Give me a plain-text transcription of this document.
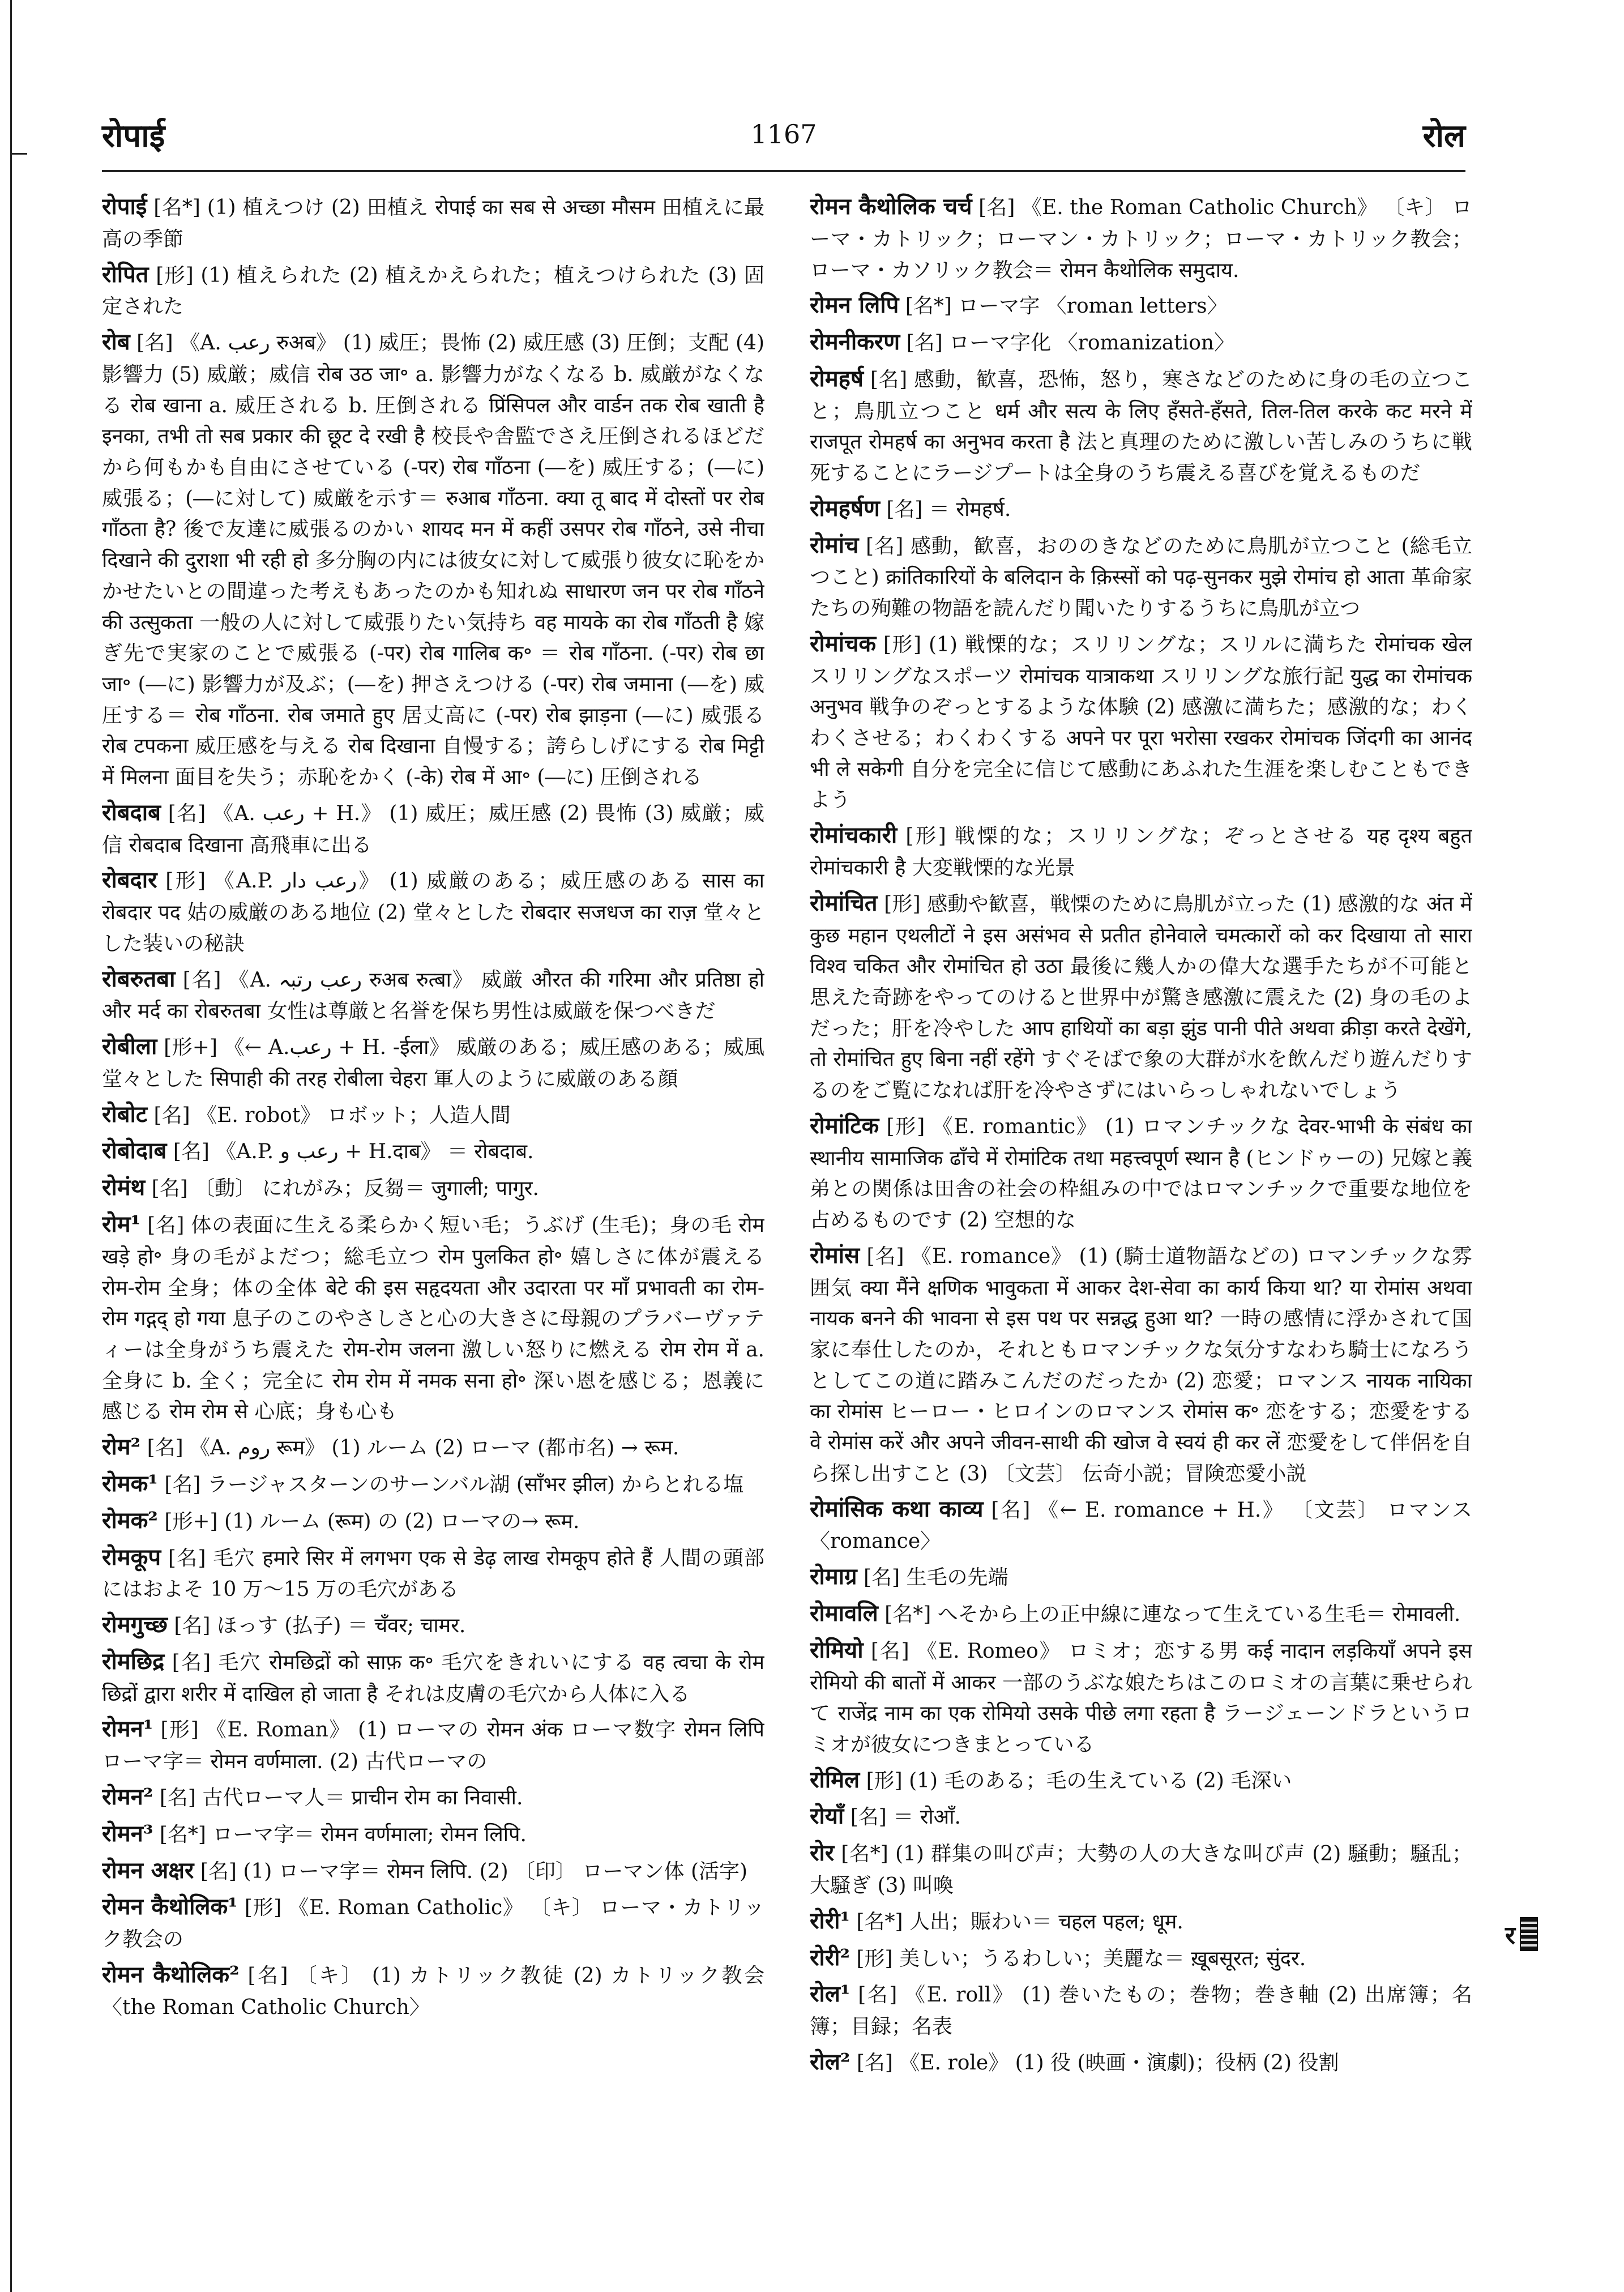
रोपाई	1167	रोल

रोपाई [名*] (1) 植えつけ (2) 田植え रोपाई का सब से अच्छा मौसम 田植えに最高の季節

रोपित [形] (1) 植えられた (2) 植えかえられた；植えつけられた (3) 固定された

रोब [名] 《A. رعب रुअब》 (1) 威圧；畏怖 (2) 威圧感 (3) 圧倒；支配 (4) 影響力 (5) 威厳；威信 रोब उठ जा॰ a. 影響力がなくなる b. 威厳がなくなる रोब खाना a. 威圧される b. 圧倒される प्रिंसिपल और वार्डन तक रोब खाती है इनका, तभी तो सब प्रकार की छूट दे रखी है 校長や舎監でさえ圧倒されるほどだから何もかも自由にさせている (-पर) रोब गाँठना (―を) 威圧する；(―に) 威張る；(―に対して) 威厳を示す＝ रुआब गाँठना. क्या तू बाद में दोस्तों पर रोब गाँठता है? 後で友達に威張るのかい शायद मन में कहीं उसपर रोब गाँठने, उसे नीचा दिखाने की दुराशा भी रही हो 多分胸の内には彼女に対して威張り彼女に恥をかかせたいとの間違った考えもあったのかも知れぬ साधारण जन पर रोब गाँठने की उत्सुकता 一般の人に対して威張りたい気持ち वह मायके का रोब गाँठती है 嫁ぎ先で実家のことで威張る (-पर) रोब गालिब क॰ ＝ रोब गाँठना. (-पर) रोब छा जा॰ (―に) 影響力が及ぶ；(―を) 押さえつける (-पर) रोब जमाना (―を) 威圧する＝ रोब गाँठना. रोब जमाते हुए 居丈高に (-पर) रोब झाड़ना (―に) 威張る रोब टपकना 威圧感を与える रोब दिखाना 自慢する；誇らしげにする रोब मिट्टी में मिलना 面目を失う；赤恥をかく (-के) रोब में आ॰ (―に) 圧倒される

रोबदाब [名] 《A. رعب + H.》 (1) 威圧；威圧感 (2) 畏怖 (3) 威厳；威信 रोबदाब दिखाना 高飛車に出る

रोबदार [形] 《A.P. رعب دار》 (1) 威厳のある；威圧感のある सास का रोबदार पद 姑の威厳のある地位 (2) 堂々とした रोबदार सजधज का राज़ 堂々とした装いの秘訣

रोबरुतबा [名] 《A. رعب رتبہ रुअब रुत्बा》 威厳 औरत की गरिमा और प्रतिष्ठा हो और मर्द का रोबरुतबा 女性は尊厳と名誉を保ち男性は威厳を保つべきだ

रोबीला [形+] 《← A.رعب + H. -ईला》 威厳のある；威圧感のある；威風堂々とした सिपाही की तरह रोबीला चेहरा 軍人のように威厳のある顔

रोबोट [名] 《E. robot》 ロボット；人造人間

रोबोदाब [名] 《A.P. رعب و + H.दाब》 ＝ रोबदाब.

रोमंथ [名] 〔動〕 にれがみ；反芻＝ जुगाली; पागुर.

रोम¹ [名] 体の表面に生える柔らかく短い毛；うぶげ (生毛)；身の毛 रोम खड़े हो॰ 身の毛がよだつ；総毛立つ रोम पुलकित हो॰ 嬉しさに体が震える रोम-रोम 全身；体の全体 बेटे की इस सहृदयता और उदारता पर माँ प्रभावती का रोम-रोम गद्गद् हो गया 息子のこのやさしさと心の大きさに母親のプラバーヴァティーは全身がうち震えた रोम-रोम जलना 激しい怒りに燃える रोम रोम में a. 全身に b. 全く；完全に रोम रोम में नमक सना हो॰ 深い恩を感じる；恩義に感じる रोम रोम से 心底；身も心も

रोम² [名] 《A. روم रूम》 (1) ルーム (2) ローマ (都市名) → रूम.

रोमक¹ [名] ラージャスターンのサーンバル湖 (साँभर झील) からとれる塩

रोमक² [形+] (1) ルーム (रूम) の (2) ローマの→ रूम.

रोमकूप [名] 毛穴 हमारे सिर में लगभग एक से डेढ़ लाख रोमकूप होते हैं 人間の頭部にはおよそ 10 万～15 万の毛穴がある

रोमगुच्छ [名] ほっす (払子) ＝ चँवर; चामर.

रोमछिद्र [名] 毛穴 रोमछिद्रों को साफ़ क॰ 毛穴をきれいにする वह त्वचा के रोम छिद्रों द्वारा शरीर में दाखिल हो जाता है それは皮膚の毛穴から人体に入る

रोमन¹ [形] 《E. Roman》 (1) ローマの रोमन अंक ローマ数字 रोमन लिपि ローマ字＝ रोमन वर्णमाला. (2) 古代ローマの

रोमन² [名] 古代ローマ人＝ प्राचीन रोम का निवासी.

रोमन³ [名*] ローマ字＝ रोमन वर्णमाला; रोमन लिपि.

रोमन अक्षर [名] (1) ローマ字＝ रोमन लिपि. (2) 〔印〕 ローマン体 (活字)

रोमन कैथोलिक¹ [形] 《E. Roman Catholic》 〔キ〕 ローマ・カトリック教会の

रोमन कैथोलिक² [名] 〔キ〕 (1) カトリック教徒 (2) カトリック教会 〈the Roman Catholic Church〉

रोमन कैथोलिक चर्च [名] 《E. the Roman Catholic Church》 〔キ〕 ローマ・カトリック；ローマン・カトリック；ローマ・カトリック教会；ローマ・カソリック教会＝ रोमन कैथोलिक समुदाय.

रोमन लिपि [名*] ローマ字 〈roman letters〉

रोमनीकरण [名] ローマ字化 〈romanization〉

रोमहर्ष [名] 感動，歓喜，恐怖，怒り，寒さなどのために身の毛の立つこと；鳥肌立つこと धर्म और सत्य के लिए हँसते-हँसते, तिल-तिल करके कट मरने में राजपूत रोमहर्ष का अनुभव करता है 法と真理のために激しい苦しみのうちに戦死することにラージプートは全身のうち震える喜びを覚えるものだ

रोमहर्षण [名] ＝ रोमहर्ष.

रोमांच [名] 感動，歓喜，おののきなどのために鳥肌が立つこと (総毛立つこと) क्रांतिकारियों के बलिदान के क़िस्सों को पढ़-सुनकर मुझे रोमांच हो आता 革命家たちの殉難の物語を読んだり聞いたりするうちに鳥肌が立つ

रोमांचक [形] (1) 戦慄的な；スリリングな；スリルに満ちた रोमांचक खेल スリリングなスポーツ रोमांचक यात्राकथा スリリングな旅行記 युद्ध का रोमांचक अनुभव 戦争のぞっとするような体験 (2) 感激に満ちた；感激的な；わくわくさせる；わくわくする अपने पर पूरा भरोसा रखकर रोमांचक जिंदगी का आनंद भी ले सकेगी 自分を完全に信じて感動にあふれた生涯を楽しむこともできよう

रोमांचकारी [形] 戦慄的な；スリリングな；ぞっとさせる यह दृश्य बहुत रोमांचकारी है 大変戦慄的な光景

रोमांचित [形] 感動や歓喜，戦慄のために鳥肌が立った (1) 感激的な अंत में कुछ महान एथलीटों ने इस असंभव से प्रतीत होनेवाले चमत्कारों को कर दिखाया तो सारा विश्व चकित और रोमांचित हो उठा 最後に幾人かの偉大な選手たちが不可能と思えた奇跡をやってのけると世界中が驚き感激に震えた (2) 身の毛のよだった；肝を冷やした आप हाथियों का बड़ा झुंड पानी पीते अथवा क्रीड़ा करते देखेंगे, तो रोमांचित हुए बिना नहीं रहेंगे すぐそばで象の大群が水を飲んだり遊んだりするのをご覧になれば肝を冷やさずにはいらっしゃれないでしょう

रोमांटिक [形] 《E. romantic》 (1) ロマンチックな देवर-भाभी के संबंध का स्थानीय सामाजिक ढाँचे में रोमांटिक तथा महत्त्वपूर्ण स्थान है (ヒンドゥーの) 兄嫁と義弟との関係は田舎の社会の枠組みの中ではロマンチックで重要な地位を占めるものです (2) 空想的な

रोमांस [名] 《E. romance》 (1) (騎士道物語などの) ロマンチックな雰囲気 क्या मैंने क्षणिक भावुकता में आकर देश-सेवा का कार्य किया था? या रोमांस अथवा नायक बनने की भावना से इस पथ पर सन्नद्ध हुआ था? 一時の感情に浮かされて国家に奉仕したのか，それともロマンチックな気分すなわち騎士になろうとしてこの道に踏みこんだのだったか (2) 恋愛；ロマンス नायक नायिका का रोमांस ヒーロー・ヒロインのロマンス रोमांस क॰ 恋をする；恋愛をする वे रोमांस करें और अपने जीवन-साथी की खोज वे स्वयं ही कर लें 恋愛をして伴侶を自ら探し出すこと (3) 〔文芸〕 伝奇小説；冒険恋愛小説

रोमांसिक कथा काव्य [名] 《← E. romance + H.》 〔文芸〕 ロマンス 〈romance〉

रोमाग्र [名] 生毛の先端

रोमावलि [名*] へそから上の正中線に連なって生えている生毛＝ रोमावली.

रोमियो [名] 《E. Romeo》 ロミオ；恋する男 कई नादान लड़कियाँ अपने इस रोमियो की बातों में आकर 一部のうぶな娘たちはこのロミオの言葉に乗せられて राजेंद्र नाम का एक रोमियो उसके पीछे लगा रहता है ラージェーンドラというロミオが彼女につきまとっている

रोमिल [形] (1) 毛のある；毛の生えている (2) 毛深い

रोयाँ [名] ＝ रोआँ.

रोर [名*] (1) 群集の叫び声；大勢の人の大きな叫び声 (2) 騒動；騒乱；大騒ぎ (3) 叫喚

रोरी¹ [名*] 人出；賑わい＝ चहल पहल; धूम.

रोरी² [形] 美しい；うるわしい；美麗な＝ ख़ूबसूरत; सुंदर.

रोल¹ [名] 《E. roll》 (1) 巻いたもの；巻物；巻き軸 (2) 出席簿；名簿；目録；名表

रोल² [名] 《E. role》 (1) 役 (映画・演劇)；役柄 (2) 役割

र
